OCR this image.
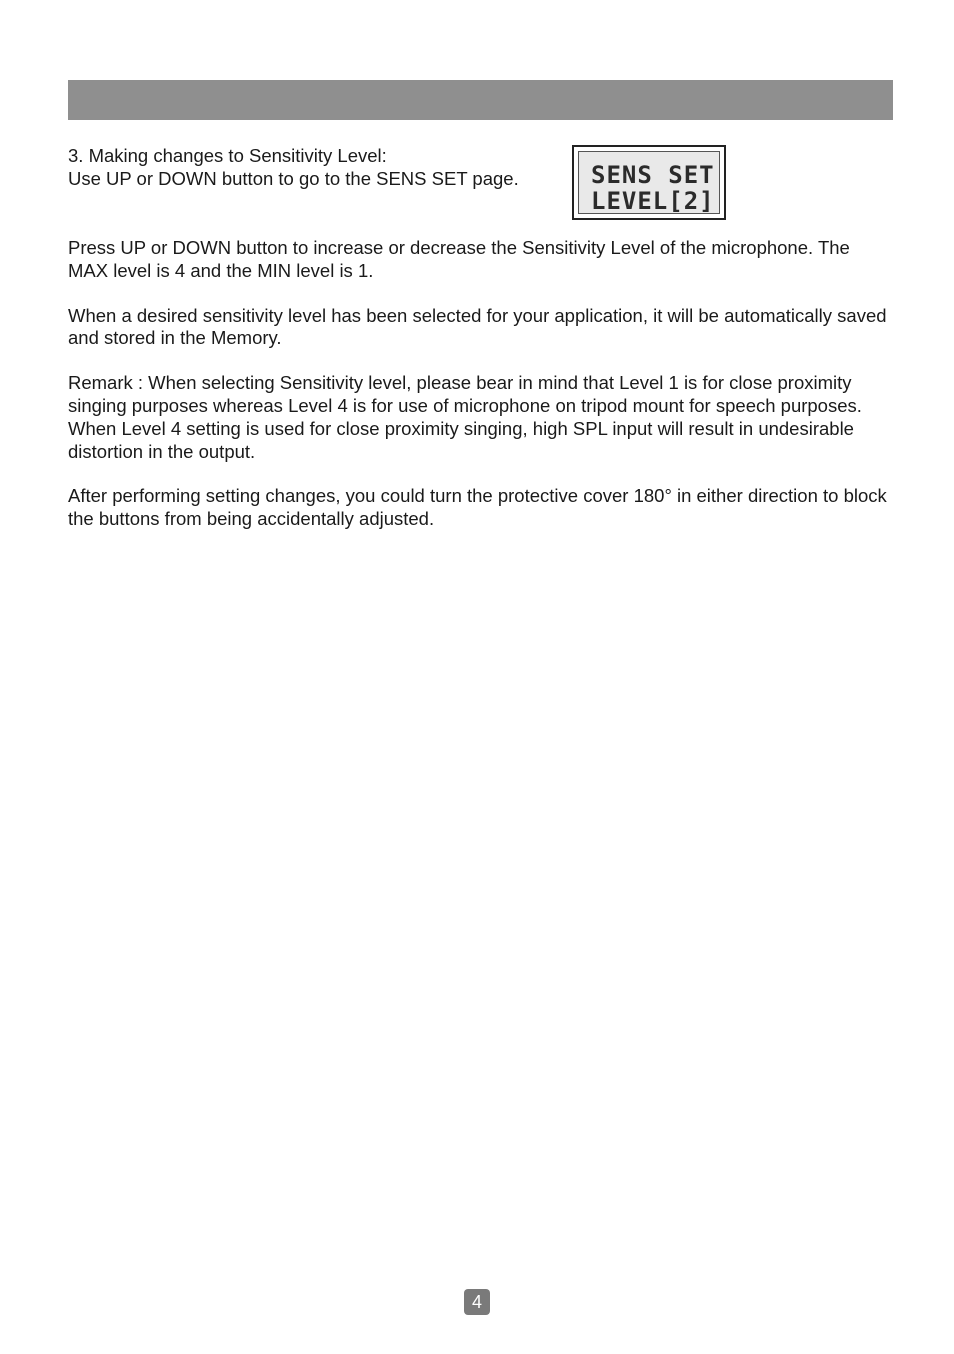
3. Making changes to Sensitivity Level:

Use UP or DOWN button to go to the SENS SET page.	SENS SET
LEVEL[2]

Press UP or DOWN button to increase or decrease the Sensitivity Level of the microphone. The MAX level is 4 and the MIN level is 1.

When a desired sensitivity level has been selected for your application, it will be automatically saved and stored in the Memory.

Remark : When selecting Sensitivity level, please bear in mind that Level 1 is for close proximity singing purposes whereas Level 4 is for use of microphone on tripod mount for speech purposes. When Level 4 setting is used for close proximity singing, high SPL input will result in undesirable distortion in the output.

After performing setting changes, you could turn the protective cover 180° in either direction to block the buttons from being accidentally adjusted.

4
